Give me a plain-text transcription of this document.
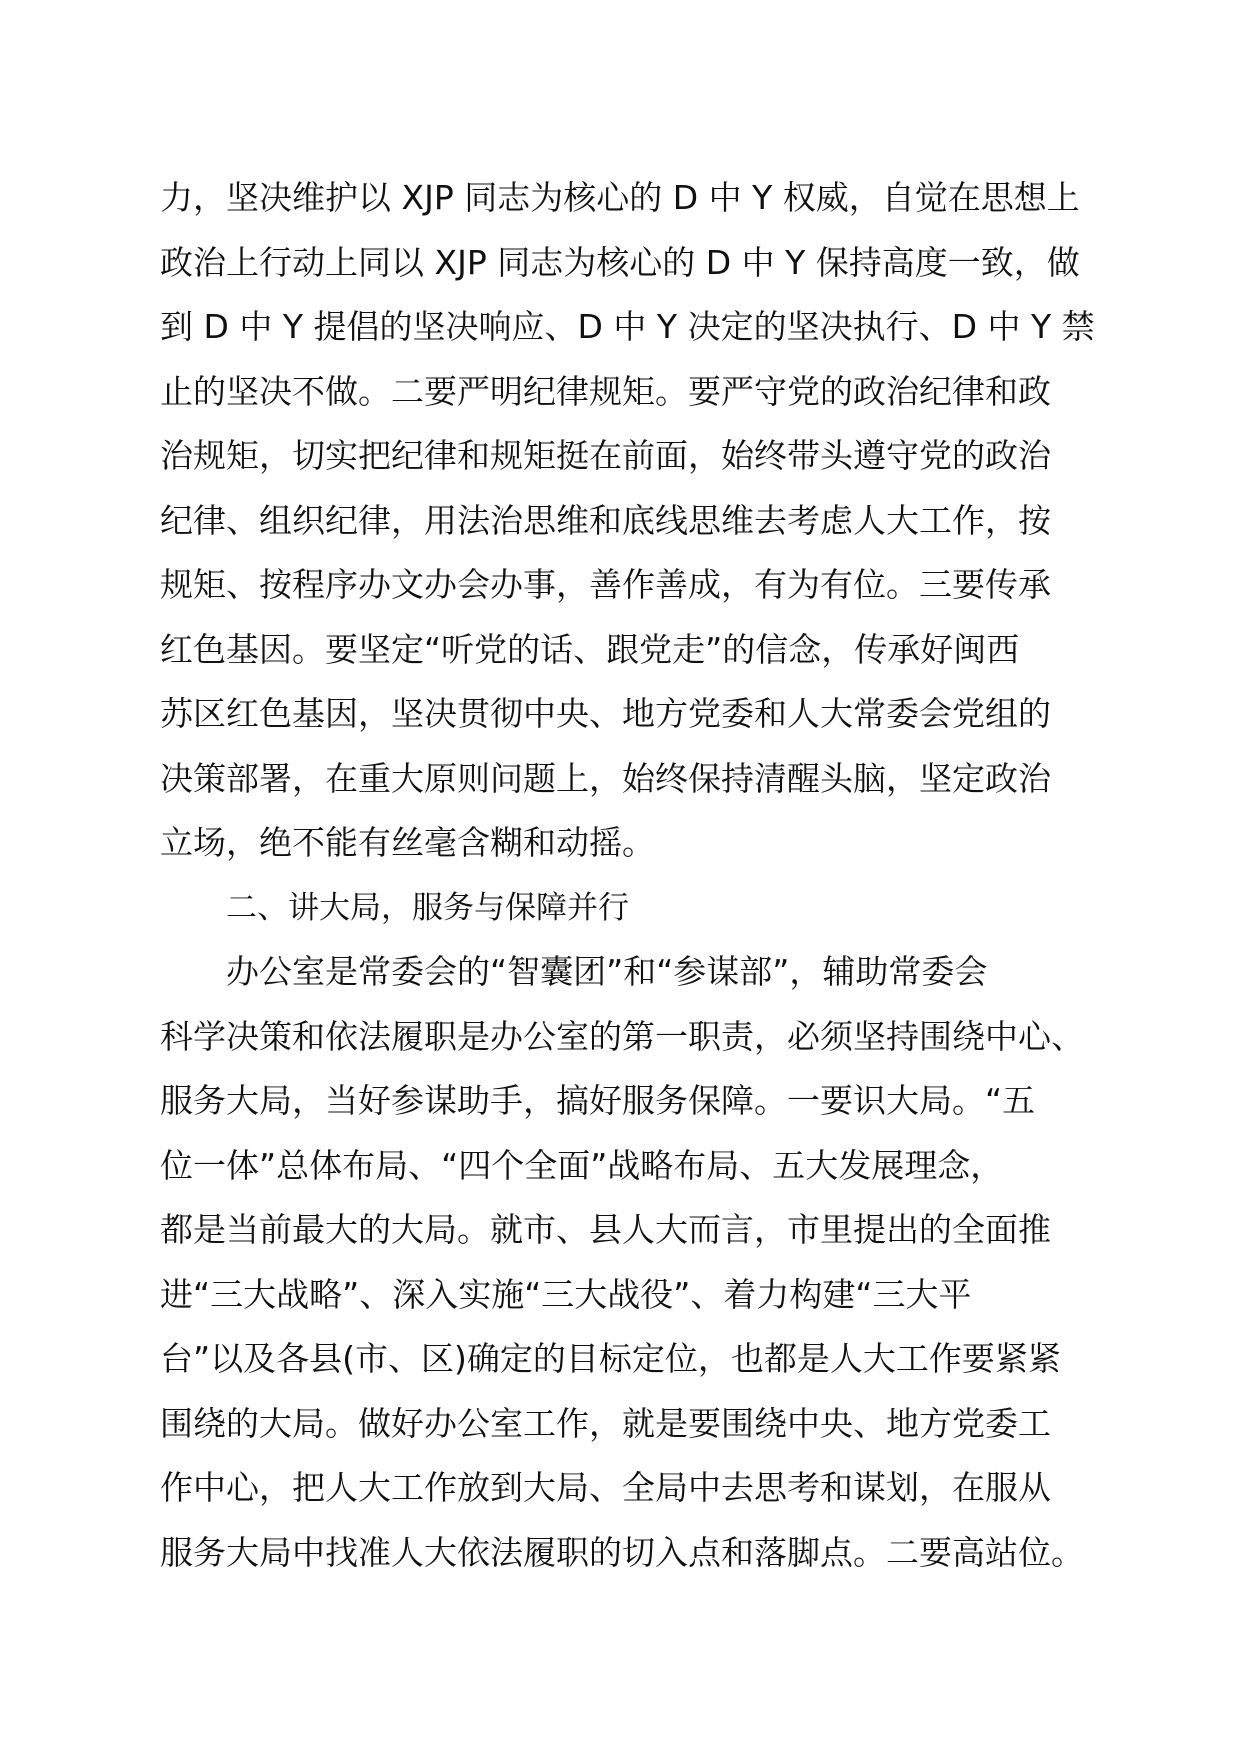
力，坚决维护以 XJP 同志为核心的 D 中 Y 权威，自觉在思想上
政治上行动上同以 XJP 同志为核心的 D 中 Y 保持高度一致，做
到 D 中 Y 提倡的坚决响应、D 中 Y 决定的坚决执行、D 中 Y 禁
止的坚决不做。二要严明纪律规矩。要严守党的政治纪律和政
治规矩，切实把纪律和规矩挺在前面，始终带头遵守党的政治
纪律、组织纪律，用法治思维和底线思维去考虑人大工作，按
规矩、按程序办文办会办事，善作善成，有为有位。三要传承
红色基因。要坚定“听党的话、跟党走”的信念，传承好闽西
苏区红色基因，坚决贯彻中央、地方党委和人大常委会党组的
决策部署，在重大原则问题上，始终保持清醒头脑，坚定政治
立场，绝不能有丝毫含糊和动摇。
二、讲大局，服务与保障并行
办公室是常委会的“智囊团”和“参谋部”，辅助常委会
科学决策和依法履职是办公室的第一职责，必须坚持围绕中心、
服务大局，当好参谋助手，搞好服务保障。一要识大局。“五
位一体”总体布局、“四个全面”战略布局、五大发展理念，
都是当前最大的大局。就市、县人大而言，市里提出的全面推
进“三大战略”、深入实施“三大战役”、着力构建“三大平
台”以及各县(市、区)确定的目标定位，也都是人大工作要紧紧
围绕的大局。做好办公室工作，就是要围绕中央、地方党委工
作中心，把人大工作放到大局、全局中去思考和谋划，在服从
服务大局中找准人大依法履职的切入点和落脚点。二要高站位。
